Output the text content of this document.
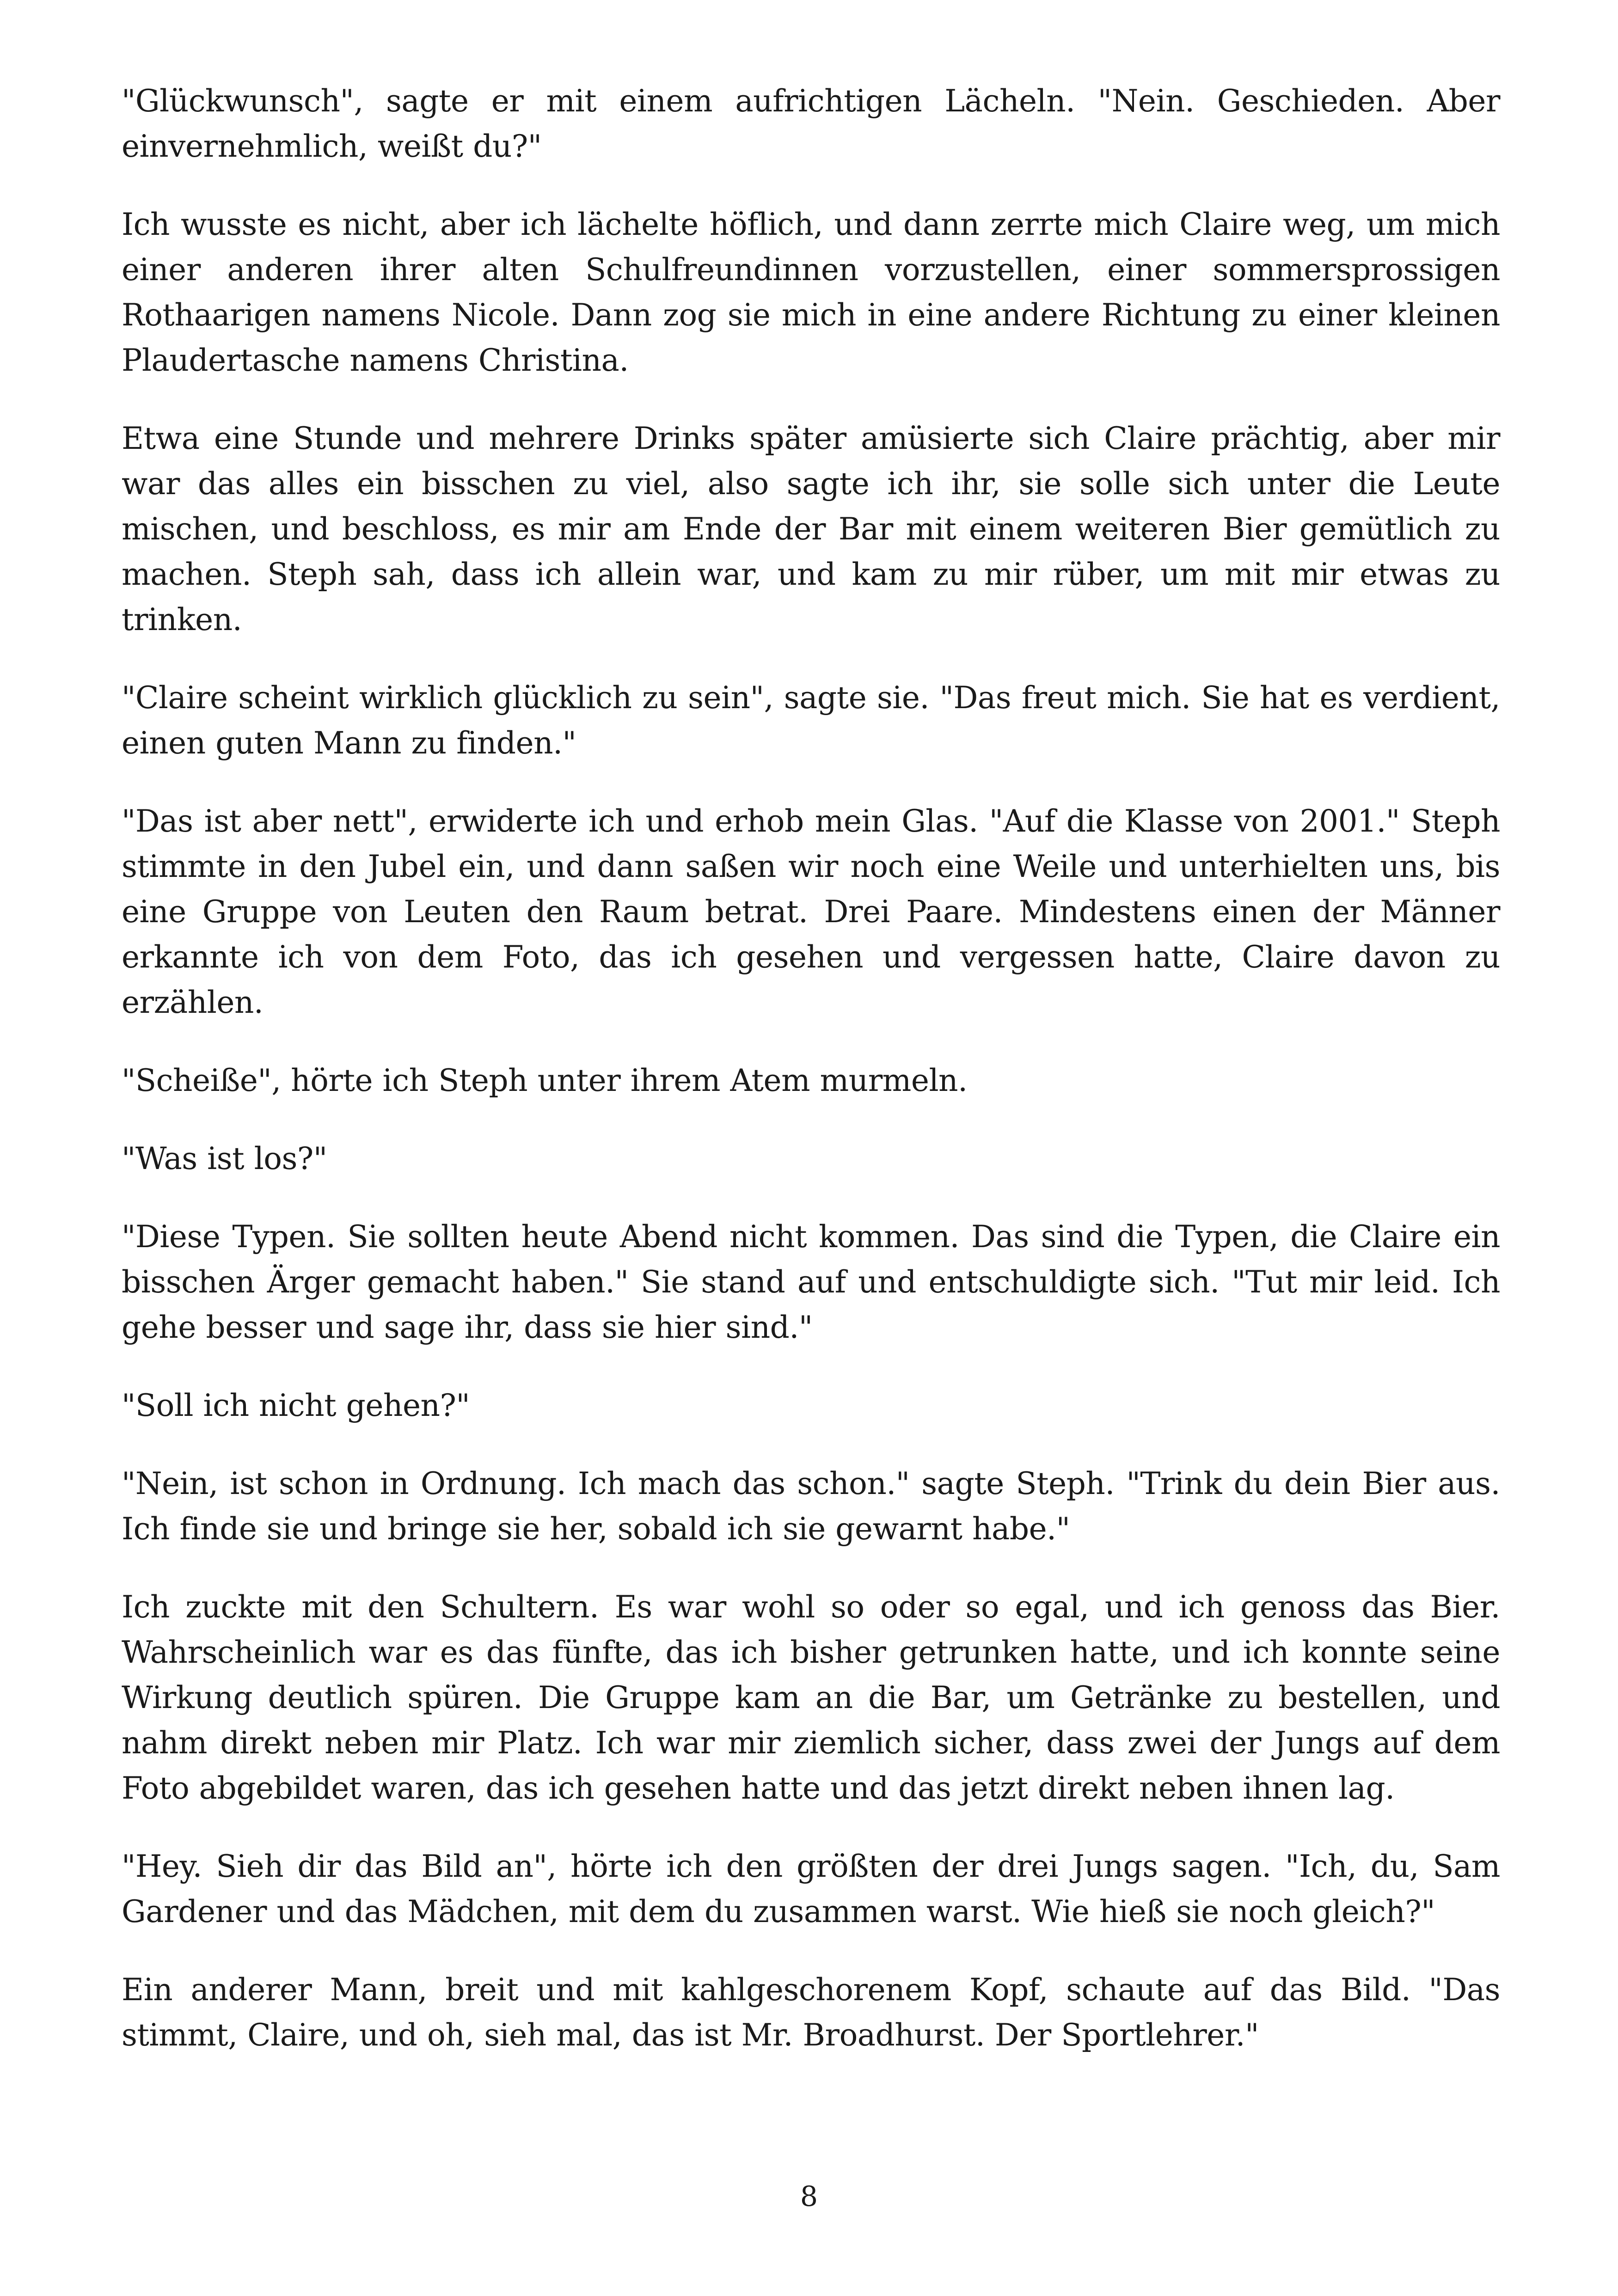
"Glückwunsch", sagte er mit einem aufrichtigen Lächeln. "Nein. Geschieden. Aber einvernehmlich, weißt du?"

Ich wusste es nicht, aber ich lächelte höflich, und dann zerrte mich Claire weg, um mich einer anderen ihrer alten Schulfreundinnen vorzustellen, einer sommersprossigen Rothaarigen namens Nicole. Dann zog sie mich in eine andere Richtung zu einer kleinen Plaudertasche namens Christina.

Etwa eine Stunde und mehrere Drinks später amüsierte sich Claire prächtig, aber mir war das alles ein bisschen zu viel, also sagte ich ihr, sie solle sich unter die Leute mischen, und beschloss, es mir am Ende der Bar mit einem weiteren Bier gemütlich zu machen. Steph sah, dass ich allein war, und kam zu mir rüber, um mit mir etwas zu trinken.

"Claire scheint wirklich glücklich zu sein", sagte sie. "Das freut mich. Sie hat es verdient, einen guten Mann zu finden."

"Das ist aber nett", erwiderte ich und erhob mein Glas. "Auf die Klasse von 2001." Steph stimmte in den Jubel ein, und dann saßen wir noch eine Weile und unterhielten uns, bis eine Gruppe von Leuten den Raum betrat. Drei Paare. Mindestens einen der Männer erkannte ich von dem Foto, das ich gesehen und vergessen hatte, Claire davon zu erzählen.

"Scheiße", hörte ich Steph unter ihrem Atem murmeln.

"Was ist los?"

"Diese Typen. Sie sollten heute Abend nicht kommen. Das sind die Typen, die Claire ein bisschen Ärger gemacht haben." Sie stand auf und entschuldigte sich. "Tut mir leid. Ich gehe besser und sage ihr, dass sie hier sind."

"Soll ich nicht gehen?"

"Nein, ist schon in Ordnung. Ich mach das schon." sagte Steph. "Trink du dein Bier aus. Ich finde sie und bringe sie her, sobald ich sie gewarnt habe."

Ich zuckte mit den Schultern. Es war wohl so oder so egal, und ich genoss das Bier. Wahrscheinlich war es das fünfte, das ich bisher getrunken hatte, und ich konnte seine Wirkung deutlich spüren. Die Gruppe kam an die Bar, um Getränke zu bestellen, und nahm direkt neben mir Platz. Ich war mir ziemlich sicher, dass zwei der Jungs auf dem Foto abgebildet waren, das ich gesehen hatte und das jetzt direkt neben ihnen lag.

"Hey. Sieh dir das Bild an", hörte ich den größten der drei Jungs sagen. "Ich, du, Sam Gardener und das Mädchen, mit dem du zusammen warst. Wie hieß sie noch gleich?"

Ein anderer Mann, breit und mit kahlgeschorenem Kopf, schaute auf das Bild. "Das stimmt, Claire, und oh, sieh mal, das ist Mr. Broadhurst. Der Sportlehrer."

8
